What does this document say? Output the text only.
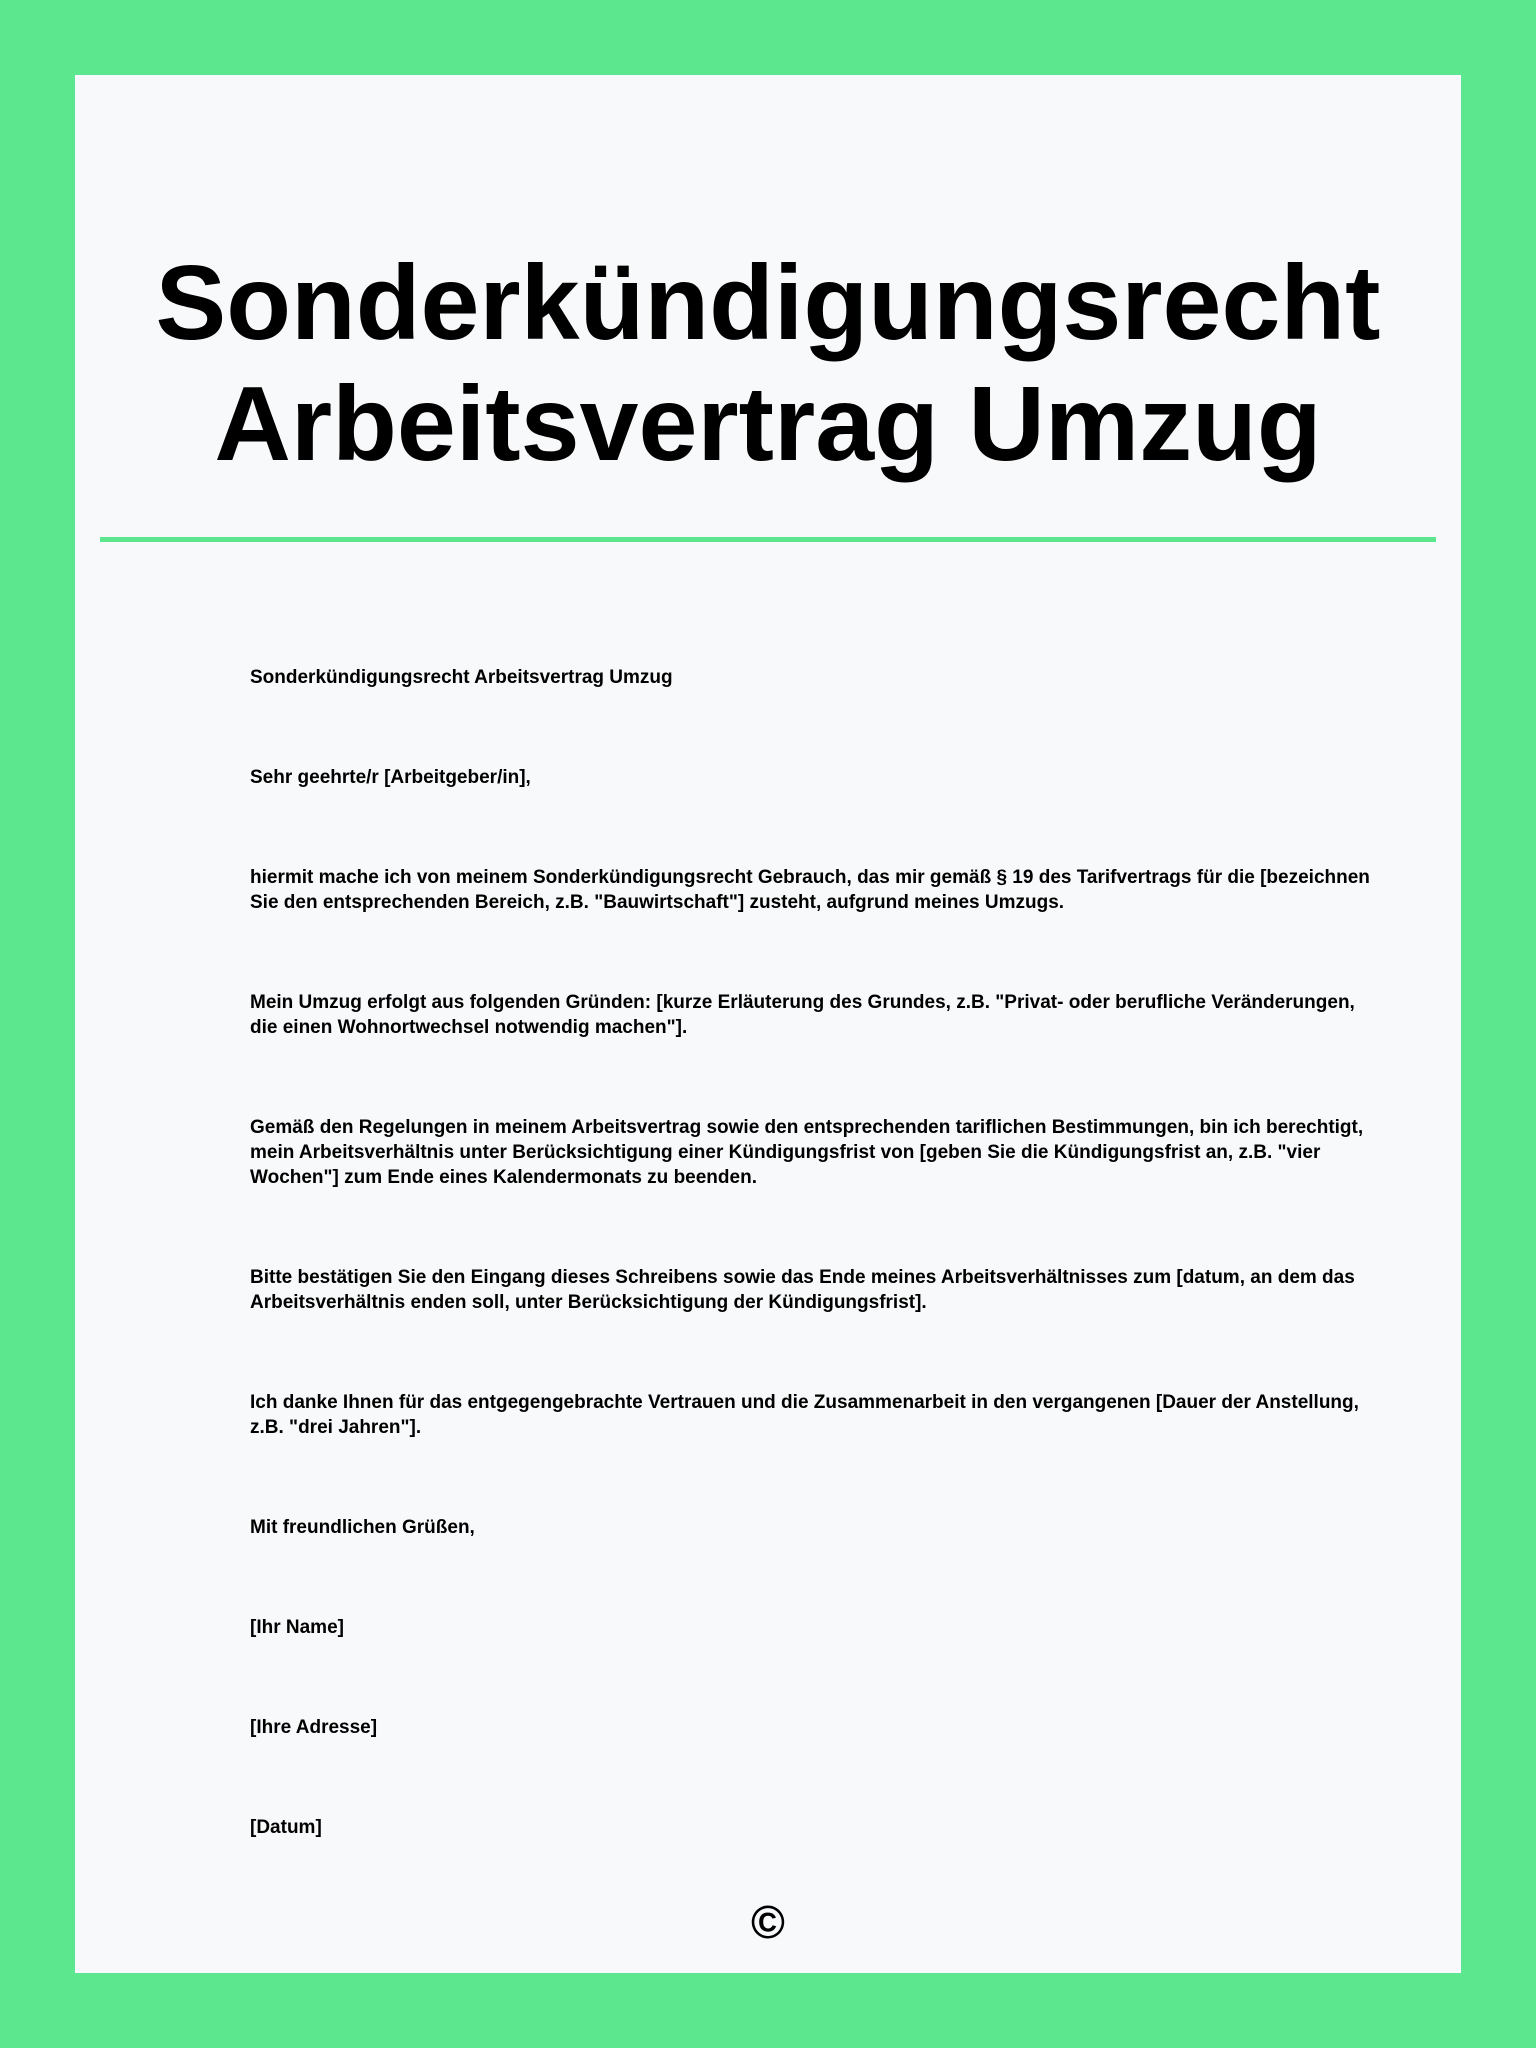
Sonderkündigungsrecht
Arbeitsvertrag Umzug

Sonderkündigungsrecht Arbeitsvertrag Umzug

Sehr geehrte/r [Arbeitgeber/in],

hiermit mache ich von meinem Sonderkündigungsrecht Gebrauch, das mir gemäß § 19 des Tarifvertrags für die [bezeichnen Sie den entsprechenden Bereich, z.B. "Bauwirtschaft"] zusteht, aufgrund meines Umzugs.

Mein Umzug erfolgt aus folgenden Gründen: [kurze Erläuterung des Grundes, z.B. "Privat- oder berufliche Veränderungen, die einen Wohnortwechsel notwendig machen"].

Gemäß den Regelungen in meinem Arbeitsvertrag sowie den entsprechenden tariflichen Bestimmungen, bin ich berechtigt, mein Arbeitsverhältnis unter Berücksichtigung einer Kündigungsfrist von [geben Sie die Kündigungsfrist an, z.B. "vier Wochen"] zum Ende eines Kalendermonats zu beenden.

Bitte bestätigen Sie den Eingang dieses Schreibens sowie das Ende meines Arbeitsverhältnisses zum [datum, an dem das Arbeitsverhältnis enden soll, unter Berücksichtigung der Kündigungsfrist].

Ich danke Ihnen für das entgegengebrachte Vertrauen und die Zusammenarbeit in den vergangenen [Dauer der Anstellung, z.B. "drei Jahren"].

Mit freundlichen Grüßen,

[Ihr Name]

[Ihre Adresse]

[Datum]

©
